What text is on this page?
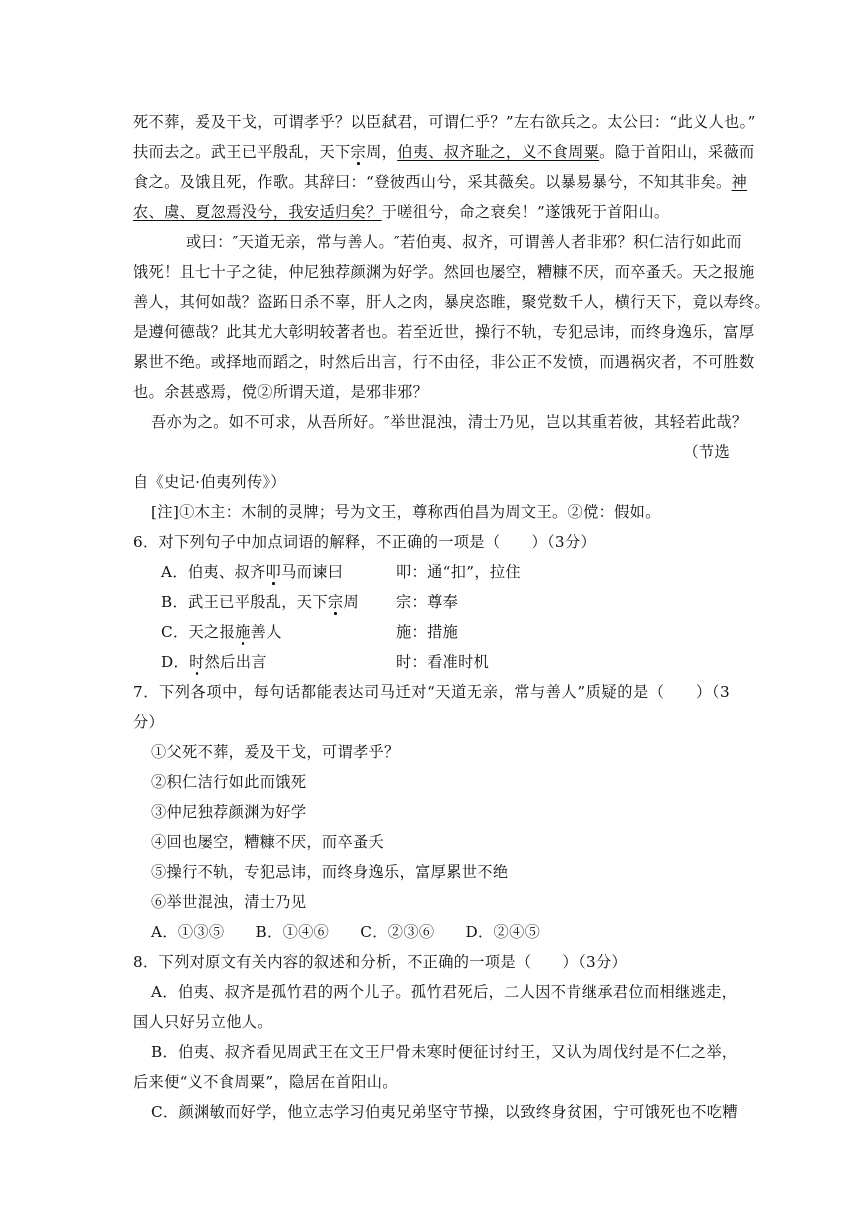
死不葬，爰及干戈，可谓孝乎？以臣弑君，可谓仁乎？”左右欲兵之。太公曰：“此义人也。”
扶而去之。武王已平殷乱，天下宗周，伯夷、叔齐耻之，义不食周粟。隐于首阳山，采薇而
食之。及饿且死，作歌。其辞曰：“登彼西山兮，采其薇矣。以暴易暴兮，不知其非矣。神
农、虞、夏忽焉没兮，我安适归矣？于嗟徂兮，命之衰矣！”遂饿死于首阳山。
或曰：″天道无亲，常与善人。″若伯夷、叔齐，可谓善人者非邪？积仁洁行如此而
饿死！且七十子之徒，仲尼独荐颜渊为好学。然回也屡空，糟糠不厌，而卒蚤夭。天之报施
善人，其何如哉？盗跖日杀不辜，肝人之肉，暴戾恣睢，聚党数千人，横行天下，竟以寿终。
是遵何德哉？此其尤大彰明较著者也。若至近世，操行不轨，专犯忌讳，而终身逸乐，富厚
累世不绝。或择地而蹈之，时然后出言，行不由径，非公正不发愤，而遇祸灾者，不可胜数
也。余甚惑焉，傥②所谓天道，是邪非邪？
吾亦为之。如不可求，从吾所好。″举世混浊，清士乃见，岂以其重若彼，其轻若此哉？
（节选
自《史记·伯夷列传》）
[注]①木主：木制的灵牌；号为文王，尊称西伯昌为周文王。②傥：假如。
6．对下列句子中加点词语的解释，不正确的一项是（　　）（3分）
A．伯夷、叔齐叩马而谏曰	叩：通“扣”，拉住
B．武王已平殷乱，天下宗周 宗：尊奉
C．天之报施善人	施：措施
D．时然后出言	时：看准时机
7．下列各项中，每句话都能表达司马迁对“天道无亲，常与善人”质疑的是（　　）（3
分）
①父死不葬，爰及干戈，可谓孝乎？
②积仁洁行如此而饿死
③仲尼独荐颜渊为好学
④回也屡空，糟糠不厌，而卒蚤夭
⑤操行不轨，专犯忌讳，而终身逸乐，富厚累世不绝
⑥举世混浊，清士乃见
A．①③⑤　　B．①④⑥　　C．②③⑥　　D．②④⑤
8．下列对原文有关内容的叙述和分析，不正确的一项是（　　）（3分）
A．伯夷、叔齐是孤竹君的两个儿子。孤竹君死后，二人因不肯继承君位而相继逃走，
国人只好另立他人。
B．伯夷、叔齐看见周武王在文王尸骨未寒时便征讨纣王，又认为周伐纣是不仁之举，
后来便“义不食周粟”，隐居在首阳山。
C．颜渊敏而好学，他立志学习伯夷兄弟坚守节操，以致终身贫困，宁可饿死也不吃糟
